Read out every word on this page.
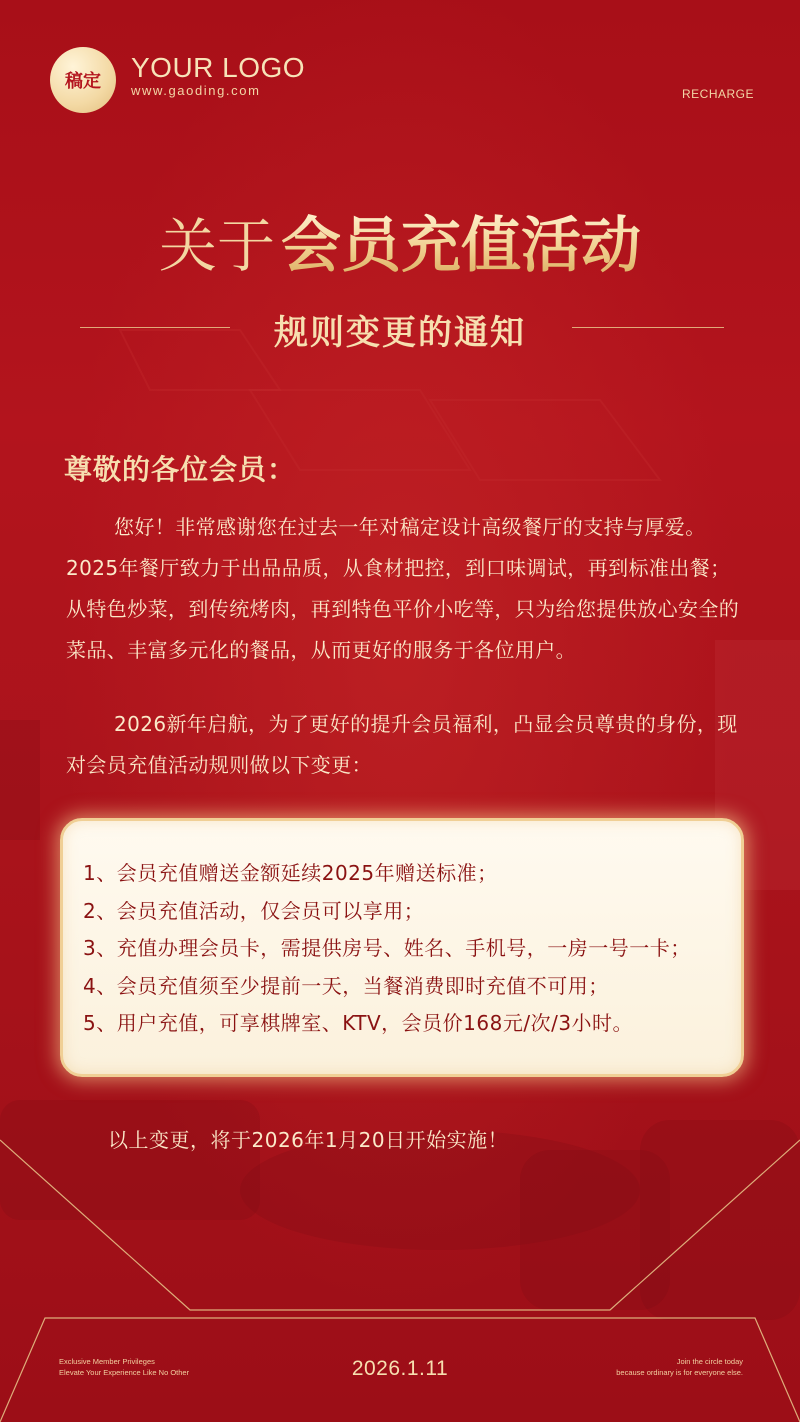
稿定 YOUR LOGO
www.gaoding.com	RECHARGE
关于 会员充值活动
规则变更的通知
尊敬的各位会员：

您好！非常感谢您在过去一年对稿定设计高级餐厅的支持与厚爱。2025年餐厅致力于出品品质，从食材把控，到口味调试，再到标准出餐；从特色炒菜，到传统烤肉，再到特色平价小吃等，只为给您提供放心安全的菜品、丰富多元化的餐品，从而更好的服务于各位用户。

2026新年启航，为了更好的提升会员福利，凸显会员尊贵的身份，现对会员充值活动规则做以下变更：

1、会员充值赠送金额延续2025年赠送标准；
2、会员充值活动，仅会员可以享用；
3、充值办理会员卡，需提供房号、姓名、手机号，一房一号一卡；
4、会员充值须至少提前一天，当餐消费即时充值不可用；
5、用户充值，可享棋牌室、KTV，会员价168元/次/3小时。
以上变更，将于2026年1月20日开始实施！
Exclusive Member Privileges
Elevate Your Experience Like No Other	2026.1.11	Join the circle today
because ordinary is for everyone else.
